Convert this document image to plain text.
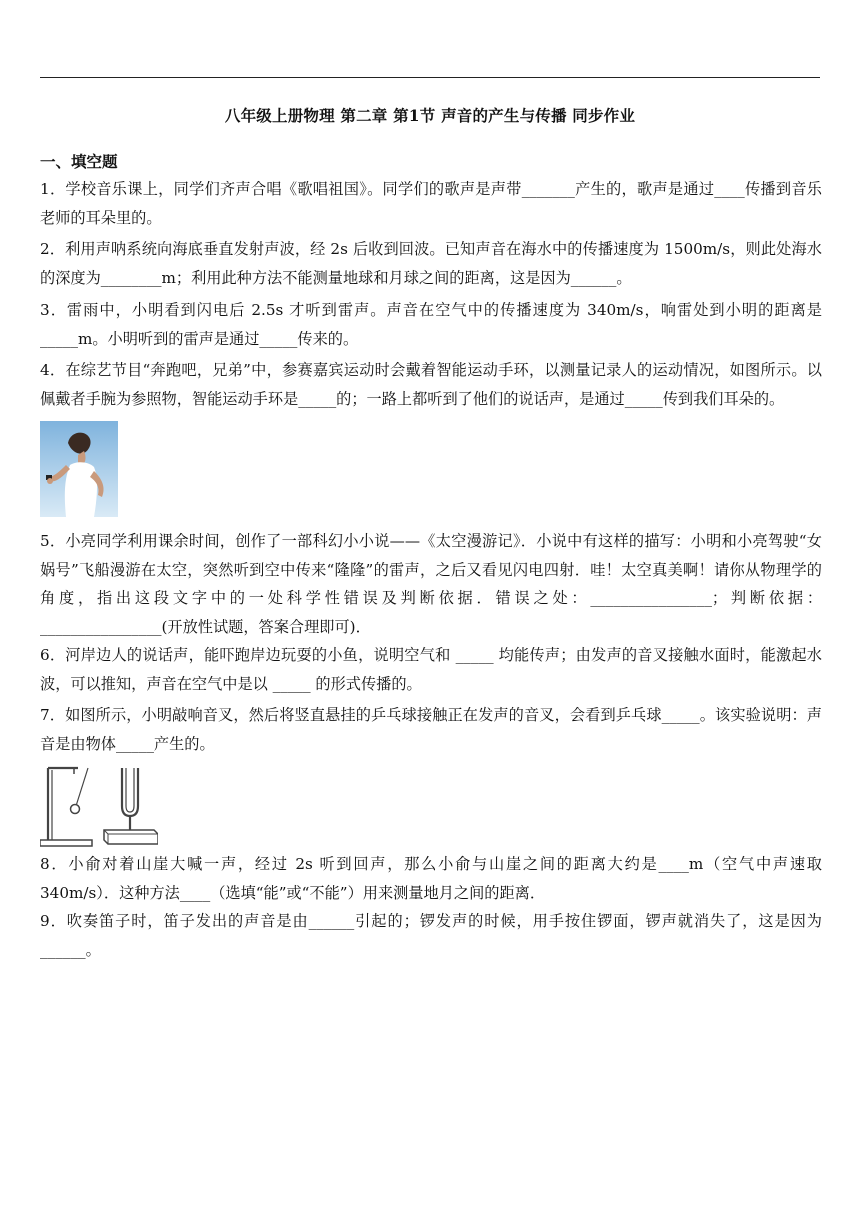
八年级上册物理 第二章 第1节 声音的产生与传播 同步作业
一、填空题

1．学校音乐课上，同学们齐声合唱《歌唱祖国》。同学们的歌声是声带_______产生的，歌声是通过____传播到音乐老师的耳朵里的。

2．利用声呐系统向海底垂直发射声波，经 2s 后收到回波。已知声音在海水中的传播速度为 1500m/s，则此处海水的深度为________m；利用此种方法不能测量地球和月球之间的距离，这是因为______。

3．雷雨中，小明看到闪电后 2.5s 才听到雷声。声音在空气中的传播速度为 340m/s，响雷处到小明的距离是_____m。小明听到的雷声是通过_____传来的。

4．在综艺节目“奔跑吧，兄弟”中，参赛嘉宾运动时会戴着智能运动手环，以测量记录人的运动情况，如图所示。以佩戴者手腕为参照物，智能运动手环是_____的；一路上都听到了他们的说话声，是通过_____传到我们耳朵的。

5．小亮同学利用课余时间，创作了一部科幻小小说——《太空漫游记》．小说中有这样的描写：小明和小亮驾驶“女娲号”飞船漫游在太空，突然听到空中传来“隆隆”的雷声，之后又看见闪电四射．哇！太空真美啊！请你从物理学的角度，指出这段文字中的一处科学性错误及判断依据．错误之处：________________；判断依据：________________(开放性试题，答案合理即可)．

6．河岸边人的说话声，能吓跑岸边玩耍的小鱼，说明空气和 _____ 均能传声；由发声的音叉接触水面时，能激起水波，可以推知，声音在空气中是以 _____ 的形式传播的。

7．如图所示，小明敲响音叉，然后将竖直悬挂的乒乓球接触正在发声的音叉，会看到乒乓球_____。该实验说明：声音是由物体_____产生的。

8．小俞对着山崖大喊一声，经过 2s 听到回声，那么小俞与山崖之间的距离大约是____m（空气中声速取 340m/s）．这种方法____（选填“能”或“不能”）用来测量地月之间的距离．

9．吹奏笛子时，笛子发出的声音是由______引起的；锣发声的时候，用手按住锣面，锣声就消失了，这是因为______。
